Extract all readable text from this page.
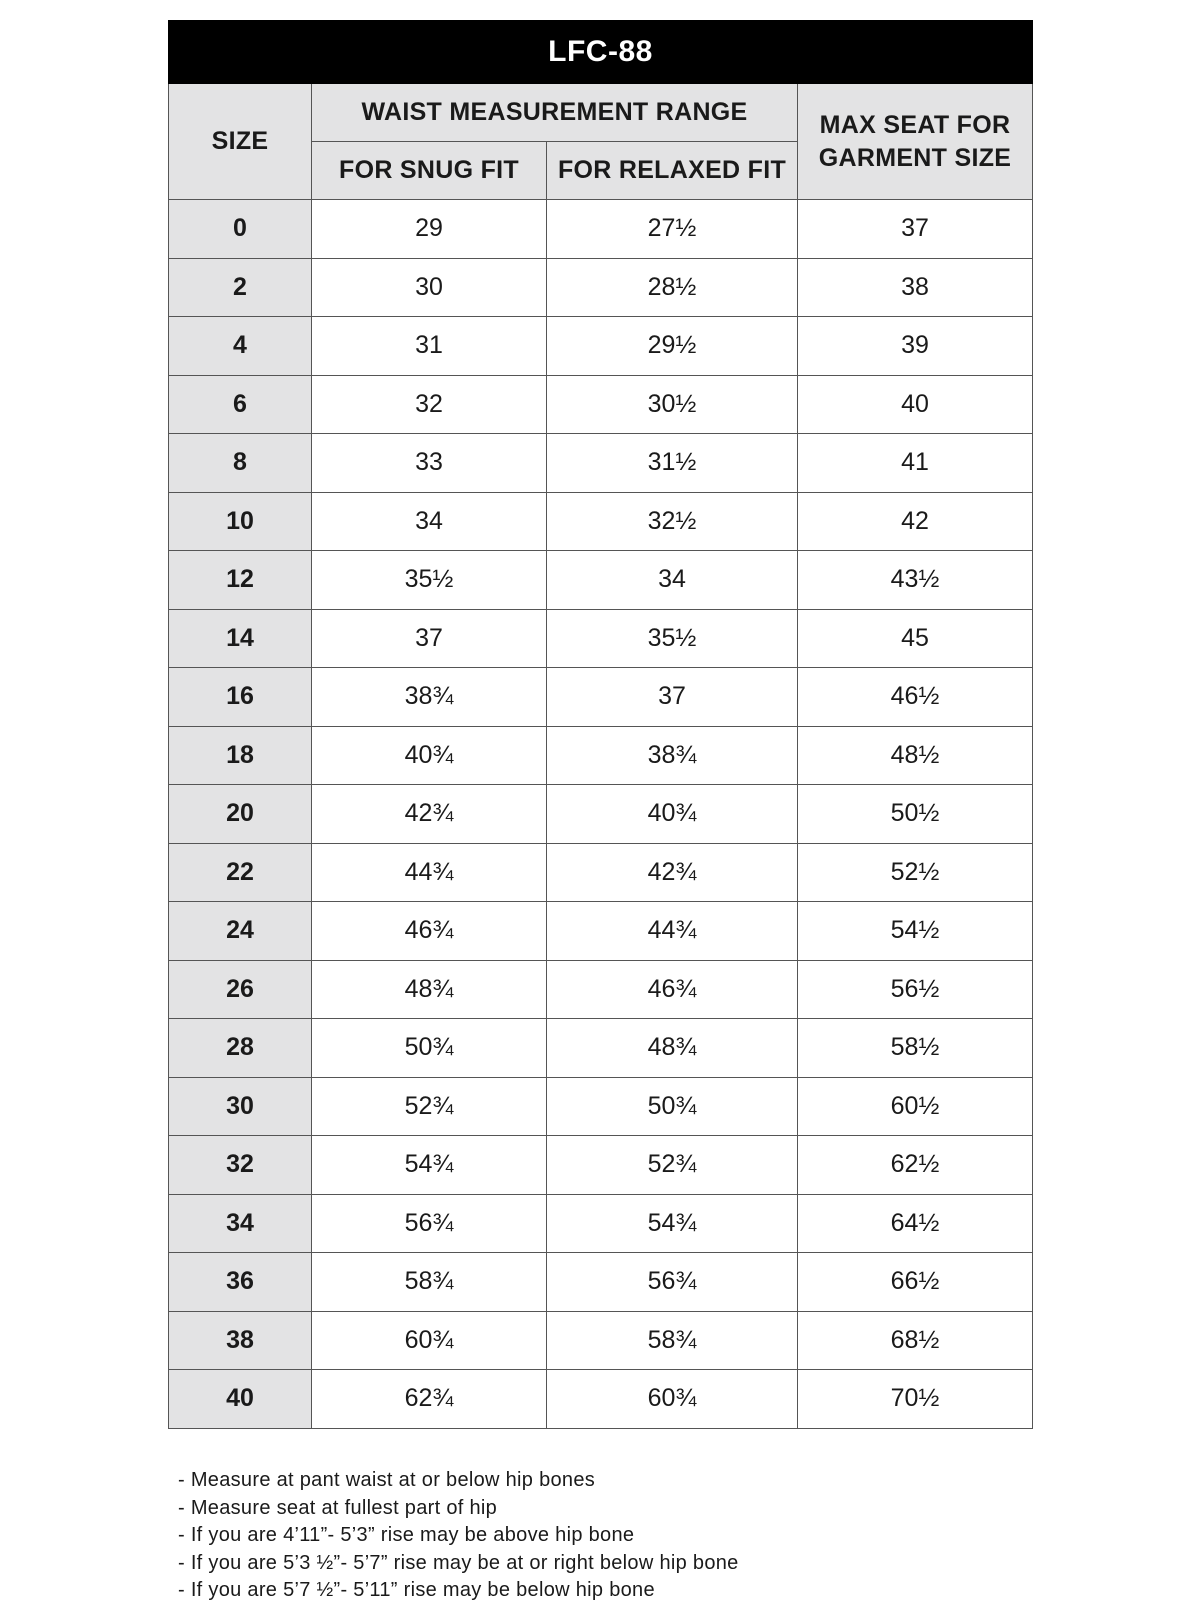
LFC-88			
SIZE	WAIST MEASUREMENT RANGE		MAX SEAT FOR
GARMENT SIZE

	FOR SNUG FIT	FOR RELAXED FIT	
0	29	27½	37
2	30	28½	38
4	31	29½	39
6	32	30½	40
8	33	31½	41
10	34	32½	42
12	35½	34	43½
14	37	35½	45
16	38¾	37	46½
18	40¾	38¾	48½
20	42¾	40¾	50½
22	44¾	42¾	52½
24	46¾	44¾	54½
26	48¾	46¾	56½
28	50¾	48¾	58½
30	52¾	50¾	60½
32	54¾	52¾	62½
34	56¾	54¾	64½
36	58¾	56¾	66½
38	60¾	58¾	68½
40	62¾	60¾	70½
- Measure at pant waist at or below hip bones
- Measure seat at fullest part of hip
- If you are 4’11”- 5’3” rise may be above hip bone
- If you are 5’3 ½”- 5’7” rise may be at or right below hip bone
- If you are 5’7 ½”- 5’11” rise may be below hip bone
